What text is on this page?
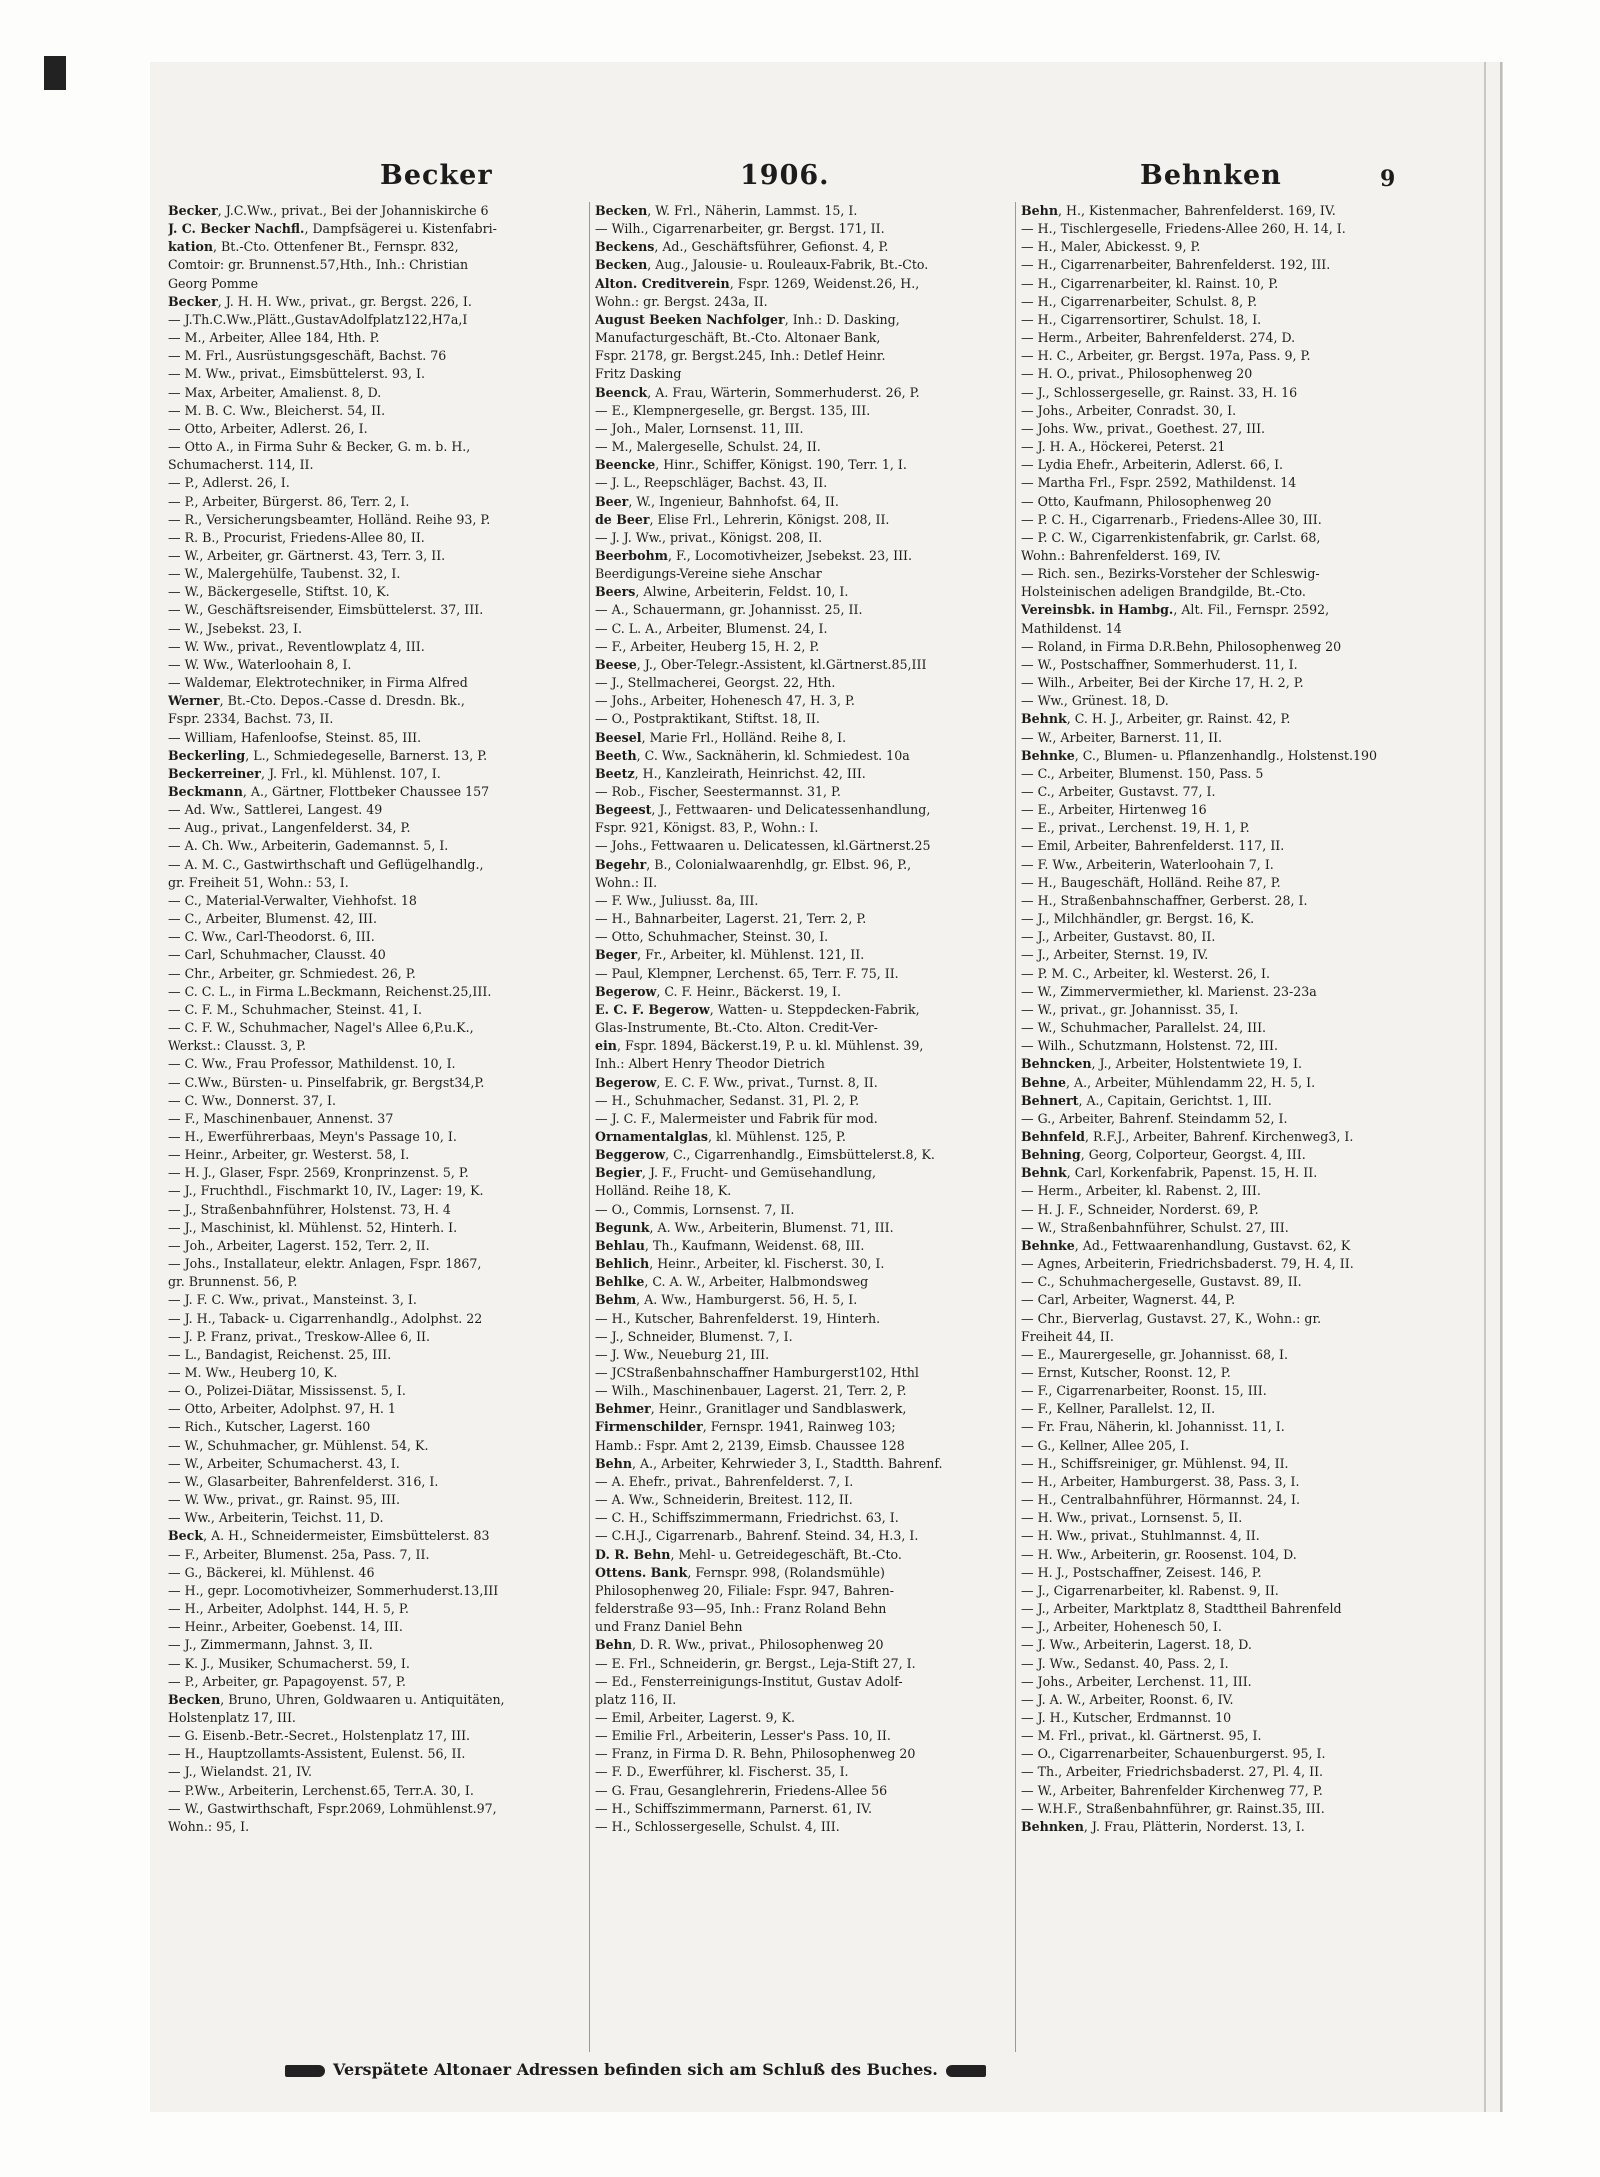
Becker	1906.	Behnken	9

Becker, J.C.Ww., privat., Bei der Johanniskirche 6

J. C. Becker Nachfl., Dampfsägerei u. Kistenfabri-

kation, Bt.-Cto. Ottenfener Bt., Fernspr. 832,

Comtoir: gr. Brunnenst.57,Hth., Inh.: Christian

Georg Pomme

Becker, J. H. H. Ww., privat., gr. Bergst. 226, I.

— J.Th.C.Ww.,Plätt.,GustavAdolfplatz122,H7a,I

— M., Arbeiter, Allee 184, Hth. P.

— M. Frl., Ausrüstungsgeschäft, Bachst. 76

— M. Ww., privat., Eimsbüttelerst. 93, I.

— Max, Arbeiter, Amalienst. 8, D.

— M. B. C. Ww., Bleicherst. 54, II.

— Otto, Arbeiter, Adlerst. 26, I.

— Otto A., in Firma Suhr & Becker, G. m. b. H.,

Schumacherst. 114, II.

— P., Adlerst. 26, I.

— P., Arbeiter, Bürgerst. 86, Terr. 2, I.

— R., Versicherungsbeamter, Holländ. Reihe 93, P.

— R. B., Procurist, Friedens-Allee 80, II.

— W., Arbeiter, gr. Gärtnerst. 43, Terr. 3, II.

— W., Malergehülfe, Taubenst. 32, I.

— W., Bäckergeselle, Stiftst. 10, K.

— W., Geschäftsreisender, Eimsbüttelerst. 37, III.

— W., Jsebekst. 23, I.

— W. Ww., privat., Reventlowplatz 4, III.

— W. Ww., Waterloohain 8, I.

— Waldemar, Elektrotechniker, in Firma Alfred

Werner, Bt.-Cto. Depos.-Casse d. Dresdn. Bk.,

Fspr. 2334, Bachst. 73, II.

— William, Hafenloofse, Steinst. 85, III.

Beckerling, L., Schmiedegeselle, Barnerst. 13, P.

Beckerreiner, J. Frl., kl. Mühlenst. 107, I.

Beckmann, A., Gärtner, Flottbeker Chaussee 157

— Ad. Ww., Sattlerei, Langest. 49

— Aug., privat., Langenfelderst. 34, P.

— A. Ch. Ww., Arbeiterin, Gademannst. 5, I.

— A. M. C., Gastwirthschaft und Geflügelhandlg.,

gr. Freiheit 51, Wohn.: 53, I.

— C., Material-Verwalter, Viehhofst. 18

— C., Arbeiter, Blumenst. 42, III.

— C. Ww., Carl-Theodorst. 6, III.

— Carl, Schuhmacher, Clausst. 40

— Chr., Arbeiter, gr. Schmiedest. 26, P.

— C. C. L., in Firma L.Beckmann, Reichenst.25,III.

— C. F. M., Schuhmacher, Steinst. 41, I.

— C. F. W., Schuhmacher, Nagel's Allee 6,P.u.K.,

Werkst.: Clausst. 3, P.

— C. Ww., Frau Professor, Mathildenst. 10, I.

— C.Ww., Bürsten- u. Pinselfabrik, gr. Bergst34,P.

— C. Ww., Donnerst. 37, I.

— F., Maschinenbauer, Annenst. 37

— H., Ewerführerbaas, Meyn's Passage 10, I.

— Heinr., Arbeiter, gr. Westerst. 58, I.

— H. J., Glaser, Fspr. 2569, Kronprinzenst. 5, P.

— J., Fruchthdl., Fischmarkt 10, IV., Lager: 19, K.

— J., Straßenbahnführer, Holstenst. 73, H. 4

— J., Maschinist, kl. Mühlenst. 52, Hinterh. I.

— Joh., Arbeiter, Lagerst. 152, Terr. 2, II.

— Johs., Installateur, elektr. Anlagen, Fspr. 1867,

gr. Brunnenst. 56, P.

— J. F. C. Ww., privat., Mansteinst. 3, I.

— J. H., Taback- u. Cigarrenhandlg., Adolphst. 22

— J. P. Franz, privat., Treskow-Allee 6, II.

— L., Bandagist, Reichenst. 25, III.

— M. Ww., Heuberg 10, K.

— O., Polizei-Diätar, Mississenst. 5, I.

— Otto, Arbeiter, Adolphst. 97, H. 1

— Rich., Kutscher, Lagerst. 160

— W., Schuhmacher, gr. Mühlenst. 54, K.

— W., Arbeiter, Schumacherst. 43, I.

— W., Glasarbeiter, Bahrenfelderst. 316, I.

— W. Ww., privat., gr. Rainst. 95, III.

— Ww., Arbeiterin, Teichst. 11, D.

Beck, A. H., Schneidermeister, Eimsbüttelerst. 83

— F., Arbeiter, Blumenst. 25a, Pass. 7, II.

— G., Bäckerei, kl. Mühlenst. 46

— H., gepr. Locomotivheizer, Sommerhuderst.13,III

— H., Arbeiter, Adolphst. 144, H. 5, P.

— Heinr., Arbeiter, Goebenst. 14, III.

— J., Zimmermann, Jahnst. 3, II.

— K. J., Musiker, Schumacherst. 59, I.

— P., Arbeiter, gr. Papagoyenst. 57, P.

Becken, Bruno, Uhren, Goldwaaren u. Antiquitäten,

Holstenplatz 17, III.

— G. Eisenb.-Betr.-Secret., Holstenplatz 17, III.

— H., Hauptzollamts-Assistent, Eulenst. 56, II.

— J., Wielandst. 21, IV.

— P.Ww., Arbeiterin, Lerchenst.65, Terr.A. 30, I.

— W., Gastwirthschaft, Fspr.2069, Lohmühlenst.97,

Wohn.: 95, I.

Becken, W. Frl., Näherin, Lammst. 15, I.

— Wilh., Cigarrenarbeiter, gr. Bergst. 171, II.

Beckens, Ad., Geschäftsführer, Gefionst. 4, P.

Becken, Aug., Jalousie- u. Rouleaux-Fabrik, Bt.-Cto.

Alton. Creditverein, Fspr. 1269, Weidenst.26, H.,

Wohn.: gr. Bergst. 243a, II.

August Beeken Nachfolger, Inh.: D. Dasking,

Manufacturgeschäft, Bt.-Cto. Altonaer Bank,

Fspr. 2178, gr. Bergst.245, Inh.: Detlef Heinr.

Fritz Dasking

Beenck, A. Frau, Wärterin, Sommerhuderst. 26, P.

— E., Klempnergeselle, gr. Bergst. 135, III.

— Joh., Maler, Lornsenst. 11, III.

— M., Malergeselle, Schulst. 24, II.

Beencke, Hinr., Schiffer, Königst. 190, Terr. 1, I.

— J. L., Reepschläger, Bachst. 43, II.

Beer, W., Ingenieur, Bahnhofst. 64, II.

de Beer, Elise Frl., Lehrerin, Königst. 208, II.

— J. J. Ww., privat., Königst. 208, II.

Beerbohm, F., Locomotivheizer, Jsebekst. 23, III.

Beerdigungs-Vereine siehe Anschar

Beers, Alwine, Arbeiterin, Feldst. 10, I.

— A., Schauermann, gr. Johannisst. 25, II.

— C. L. A., Arbeiter, Blumenst. 24, I.

— F., Arbeiter, Heuberg 15, H. 2, P.

Beese, J., Ober-Telegr.-Assistent, kl.Gärtnerst.85,III

— J., Stellmacherei, Georgst. 22, Hth.

— Johs., Arbeiter, Hohenesch 47, H. 3, P.

— O., Postpraktikant, Stiftst. 18, II.

Beesel, Marie Frl., Holländ. Reihe 8, I.

Beeth, C. Ww., Sacknäherin, kl. Schmiedest. 10a

Beetz, H., Kanzleirath, Heinrichst. 42, III.

— Rob., Fischer, Seestermannst. 31, P.

Begeest, J., Fettwaaren- und Delicatessenhandlung,

Fspr. 921, Königst. 83, P., Wohn.: I.

— Johs., Fettwaaren u. Delicatessen, kl.Gärtnerst.25

Begehr, B., Colonialwaarenhdlg, gr. Elbst. 96, P.,

Wohn.: II.

— F. Ww., Juliusst. 8a, III.

— H., Bahnarbeiter, Lagerst. 21, Terr. 2, P.

— Otto, Schuhmacher, Steinst. 30, I.

Beger, Fr., Arbeiter, kl. Mühlenst. 121, II.

— Paul, Klempner, Lerchenst. 65, Terr. F. 75, II.

Begerow, C. F. Heinr., Bäckerst. 19, I.

E. C. F. Begerow, Watten- u. Steppdecken-Fabrik,

Glas-Instrumente, Bt.-Cto. Alton. Credit-Ver-

ein, Fspr. 1894, Bäckerst.19, P. u. kl. Mühlenst. 39,

Inh.: Albert Henry Theodor Dietrich

Begerow, E. C. F. Ww., privat., Turnst. 8, II.

— H., Schuhmacher, Sedanst. 31, Pl. 2, P.

— J. C. F., Malermeister und Fabrik für mod.

Ornamentalglas, kl. Mühlenst. 125, P.

Beggerow, C., Cigarrenhandlg., Eimsbüttelerst.8, K.

Begier, J. F., Frucht- und Gemüsehandlung,

Holländ. Reihe 18, K.

— O., Commis, Lornsenst. 7, II.

Begunk, A. Ww., Arbeiterin, Blumenst. 71, III.

Behlau, Th., Kaufmann, Weidenst. 68, III.

Behlich, Heinr., Arbeiter, kl. Fischerst. 30, I.

Behlke, C. A. W., Arbeiter, Halbmondsweg

Behm, A. Ww., Hamburgerst. 56, H. 5, I.

— H., Kutscher, Bahrenfelderst. 19, Hinterh.

— J., Schneider, Blumenst. 7, I.

— J. Ww., Neueburg 21, III.

— JCStraßenbahnschaffner Hamburgerst102, Hthl

— Wilh., Maschinenbauer, Lagerst. 21, Terr. 2, P.

Behmer, Heinr., Granitlager und Sandblaswerk,

Firmenschilder, Fernspr. 1941, Rainweg 103;

Hamb.: Fspr. Amt 2, 2139, Eimsb. Chaussee 128

Behn, A., Arbeiter, Kehrwieder 3, I., Stadtth. Bahrenf.

— A. Ehefr., privat., Bahrenfelderst. 7, I.

— A. Ww., Schneiderin, Breitest. 112, II.

— C. H., Schiffszimmermann, Friedrichst. 63, I.

— C.H.J., Cigarrenarb., Bahrenf. Steind. 34, H.3, I.

D. R. Behn, Mehl- u. Getreidegeschäft, Bt.-Cto.

Ottens. Bank, Fernspr. 998, (Rolandsmühle)

Philosophenweg 20, Filiale: Fspr. 947, Bahren-

felderstraße 93—95, Inh.: Franz Roland Behn

und Franz Daniel Behn

Behn, D. R. Ww., privat., Philosophenweg 20

— E. Frl., Schneiderin, gr. Bergst., Leja-Stift 27, I.

— Ed., Fensterreinigungs-Institut, Gustav Adolf-

platz 116, II.

— Emil, Arbeiter, Lagerst. 9, K.

— Emilie Frl., Arbeiterin, Lesser's Pass. 10, II.

— Franz, in Firma D. R. Behn, Philosophenweg 20

— F. D., Ewerführer, kl. Fischerst. 35, I.

— G. Frau, Gesanglehrerin, Friedens-Allee 56

— H., Schiffszimmermann, Parnerst. 61, IV.

— H., Schlossergeselle, Schulst. 4, III.

Behn, H., Kistenmacher, Bahrenfelderst. 169, IV.

— H., Tischlergeselle, Friedens-Allee 260, H. 14, I.

— H., Maler, Abickesst. 9, P.

— H., Cigarrenarbeiter, Bahrenfelderst. 192, III.

— H., Cigarrenarbeiter, kl. Rainst. 10, P.

— H., Cigarrenarbeiter, Schulst. 8, P.

— H., Cigarrensortirer, Schulst. 18, I.

— Herm., Arbeiter, Bahrenfelderst. 274, D.

— H. C., Arbeiter, gr. Bergst. 197a, Pass. 9, P.

— H. O., privat., Philosophenweg 20

— J., Schlossergeselle, gr. Rainst. 33, H. 16

— Johs., Arbeiter, Conradst. 30, I.

— Johs. Ww., privat., Goethest. 27, III.

— J. H. A., Höckerei, Peterst. 21

— Lydia Ehefr., Arbeiterin, Adlerst. 66, I.

— Martha Frl., Fspr. 2592, Mathildenst. 14

— Otto, Kaufmann, Philosophenweg 20

— P. C. H., Cigarrenarb., Friedens-Allee 30, III.

— P. C. W., Cigarrenkistenfabrik, gr. Carlst. 68,

Wohn.: Bahrenfelderst. 169, IV.

— Rich. sen., Bezirks-Vorsteher der Schleswig-

Holsteinischen adeligen Brandgilde, Bt.-Cto.

Vereinsbk. in Hambg., Alt. Fil., Fernspr. 2592,

Mathildenst. 14

— Roland, in Firma D.R.Behn, Philosophenweg 20

— W., Postschaffner, Sommerhuderst. 11, I.

— Wilh., Arbeiter, Bei der Kirche 17, H. 2, P.

— Ww., Grünest. 18, D.

Behnk, C. H. J., Arbeiter, gr. Rainst. 42, P.

— W., Arbeiter, Barnerst. 11, II.

Behnke, C., Blumen- u. Pflanzenhandlg., Holstenst.190

— C., Arbeiter, Blumenst. 150, Pass. 5

— C., Arbeiter, Gustavst. 77, I.

— E., Arbeiter, Hirtenweg 16

— E., privat., Lerchenst. 19, H. 1, P.

— Emil, Arbeiter, Bahrenfelderst. 117, II.

— F. Ww., Arbeiterin, Waterloohain 7, I.

— H., Baugeschäft, Holländ. Reihe 87, P.

— H., Straßenbahnschaffner, Gerberst. 28, I.

— J., Milchhändler, gr. Bergst. 16, K.

— J., Arbeiter, Gustavst. 80, II.

— J., Arbeiter, Sternst. 19, IV.

— P. M. C., Arbeiter, kl. Westerst. 26, I.

— W., Zimmervermiether, kl. Marienst. 23-23a

— W., privat., gr. Johannisst. 35, I.

— W., Schuhmacher, Parallelst. 24, III.

— Wilh., Schutzmann, Holstenst. 72, III.

Behncken, J., Arbeiter, Holstentwiete 19, I.

Behne, A., Arbeiter, Mühlendamm 22, H. 5, I.

Behnert, A., Capitain, Gerichtst. 1, III.

— G., Arbeiter, Bahrenf. Steindamm 52, I.

Behnfeld, R.F.J., Arbeiter, Bahrenf. Kirchenweg3, I.

Behning, Georg, Colporteur, Georgst. 4, III.

Behnk, Carl, Korkenfabrik, Papenst. 15, H. II.

— Herm., Arbeiter, kl. Rabenst. 2, III.

— H. J. F., Schneider, Norderst. 69, P.

— W., Straßenbahnführer, Schulst. 27, III.

Behnke, Ad., Fettwaarenhandlung, Gustavst. 62, K

— Agnes, Arbeiterin, Friedrichsbaderst. 79, H. 4, II.

— C., Schuhmachergeselle, Gustavst. 89, II.

— Carl, Arbeiter, Wagnerst. 44, P.

— Chr., Bierverlag, Gustavst. 27, K., Wohn.: gr.

Freiheit 44, II.

— E., Maurergeselle, gr. Johannisst. 68, I.

— Ernst, Kutscher, Roonst. 12, P.

— F., Cigarrenarbeiter, Roonst. 15, III.

— F., Kellner, Parallelst. 12, II.

— Fr. Frau, Näherin, kl. Johannisst. 11, I.

— G., Kellner, Allee 205, I.

— H., Schiffsreiniger, gr. Mühlenst. 94, II.

— H., Arbeiter, Hamburgerst. 38, Pass. 3, I.

— H., Centralbahnführer, Hörmannst. 24, I.

— H. Ww., privat., Lornsenst. 5, II.

— H. Ww., privat., Stuhlmannst. 4, II.

— H. Ww., Arbeiterin, gr. Roosenst. 104, D.

— H. J., Postschaffner, Zeisest. 146, P.

— J., Cigarrenarbeiter, kl. Rabenst. 9, II.

— J., Arbeiter, Marktplatz 8, Stadttheil Bahrenfeld

— J., Arbeiter, Hohenesch 50, I.

— J. Ww., Arbeiterin, Lagerst. 18, D.

— J. Ww., Sedanst. 40, Pass. 2, I.

— Johs., Arbeiter, Lerchenst. 11, III.

— J. A. W., Arbeiter, Roonst. 6, IV.

— J. H., Kutscher, Erdmannst. 10

— M. Frl., privat., kl. Gärtnerst. 95, I.

— O., Cigarrenarbeiter, Schauenburgerst. 95, I.

— Th., Arbeiter, Friedrichsbaderst. 27, Pl. 4, II.

— W., Arbeiter, Bahrenfelder Kirchenweg 77, P.

— W.H.F., Straßenbahnführer, gr. Rainst.35, III.

Behnken, J. Frau, Plätterin, Norderst. 13, I.

Verspätete Altonaer Adressen befinden sich am Schluß des Buches.
